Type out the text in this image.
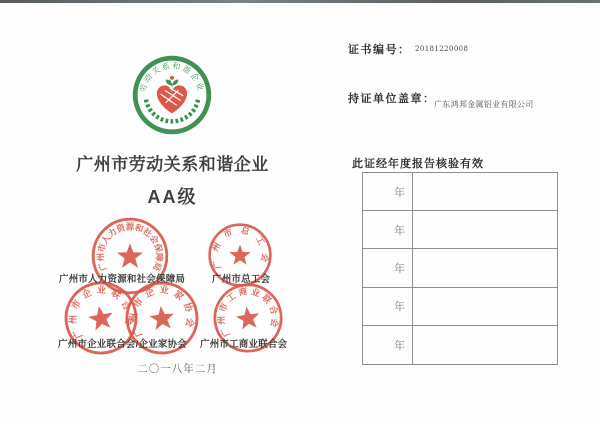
劳动关系和谐企业
广州市劳动关系和谐企业
AA级
广州市人力资源和社会保障局	广州市总工会
广州市人力资源和社会保障局	广州市总工会
广州市企业联合会
广州市企业家协会	广州市工商业联合会
广州市企业联合会/企业家协会 广州市工商业联合会
二〇一八年二月
证书编号： 20181220008
持证单位盖章：
广东鸿邦金属铝业有限公司
此证经年度报告核验有效
年
年
年
年
年
